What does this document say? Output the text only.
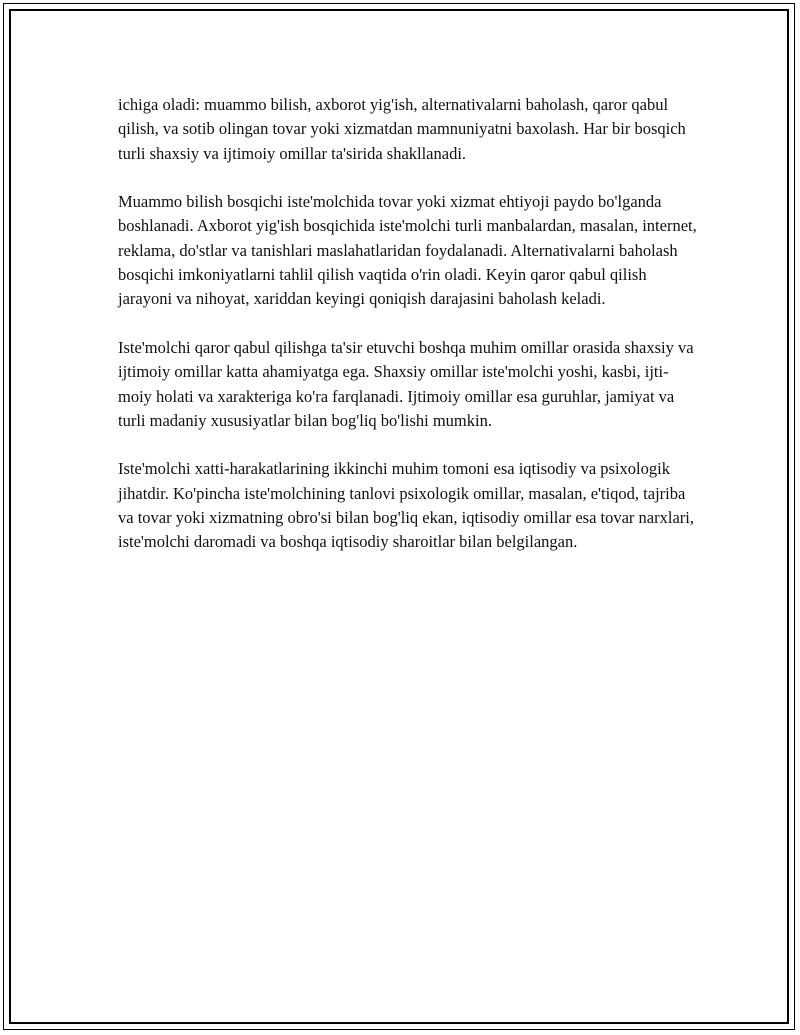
ichiga oladi: muammo bilish, axborot yig'ish, alternativalarni baholash, qaror qabul qilish, va sotib olingan tovar yoki xizmatdan mamnuniyatni baxolash. Har bir bosqich turli shaxsiy va ijtimoiy omillar ta'sirida shakllanadi.

Muammo bilish bosqichi iste'molchida tovar yoki xizmat ehtiyoji paydo bo'lganda boshlanadi. Axborot yig'ish bosqichida iste'molchi turli manbalardan, masalan, internet, reklama, do'stlar va tanishlari maslahatlaridan foydalanadi. Alternativalarni baholash bosqichi imkoniyatlarni tahlil qilish vaqtida o'rin oladi. Keyin qaror qabul qilish jarayoni va nihoyat, xariddan keyingi qoniqish darajasini baholash keladi.

Iste'molchi qaror qabul qilishga ta'sir etuvchi boshqa muhim omillar orasida shaxsiy va ijtimoiy omillar katta ahamiyatga ega. Shaxsiy omillar iste'molchi yoshi, kasbi, ijti-moiy holati va xarakteriga ko'ra farqlanadi. Ijtimoiy omillar esa guruhlar, jamiyat va turli madaniy xususiyatlar bilan bog'liq bo'lishi mumkin.

Iste'molchi xatti-harakatlarining ikkinchi muhim tomoni esa iqtisodiy va psixologik jihatdir. Ko'pincha iste'molchining tanlovi psixologik omillar, masalan, e'tiqod, tajriba va tovar yoki xizmatning obro'si bilan bog'liq ekan, iqtisodiy omillar esa tovar narxlari, iste'molchi daromadi va boshqa iqtisodiy sharoitlar bilan belgilangan.
